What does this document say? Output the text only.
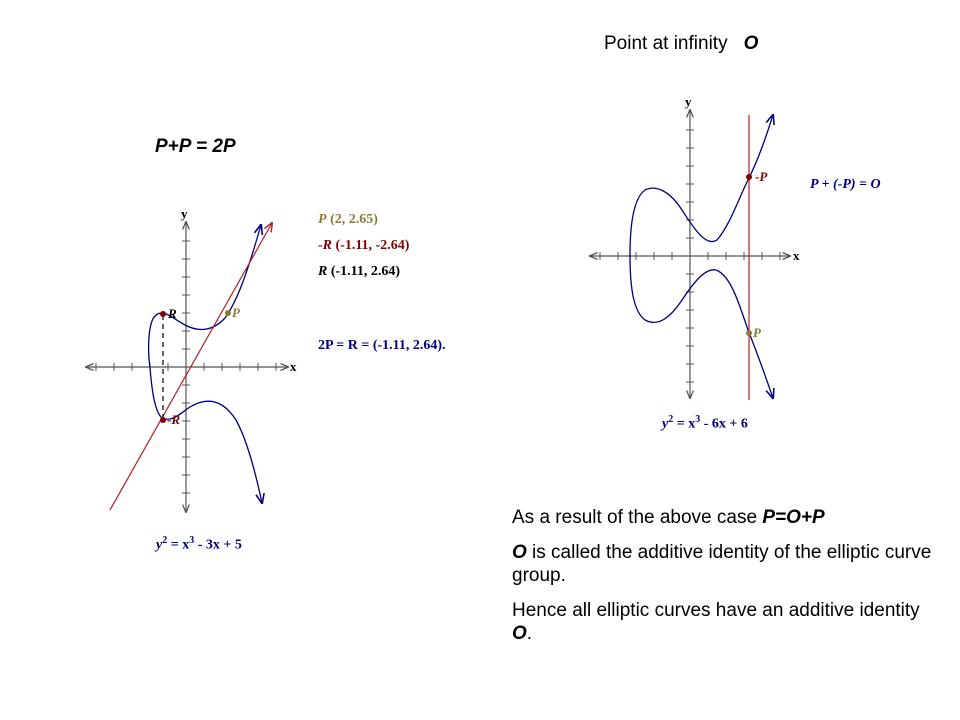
P+P = 2P
Point at infinity O
R
-R
P
x
y
-P
P
x
y
P (2, 2.65)
-R (-1.11, -2.64)
R (-1.11, 2.64)
2P = R = (-1.11, 2.64).
$y^2 = x^3 - 3x + 5$
P + (-P) = O
$y^2 = x^3 - 6x + 6$

As a result of the above case P=O+P

O is called the additive identity of the elliptic curve group.

Hence all elliptic curves have an additive identity O.
